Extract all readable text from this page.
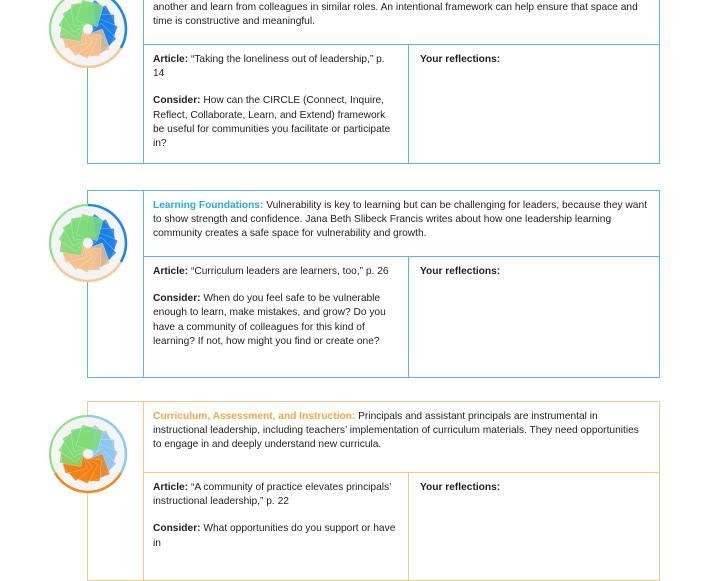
another and learn from colleagues in similar roles. An intentional framework can help ensure that space and time is constructive and meaningful.

Article: “Taking the loneliness out of leadership,” p. 14

Consider: How can the CIRCLE (Connect, Inquire, Reflect, Collaborate, Learn, and Extend) framework be useful for communities you facilitate or participate in?

Your reflections:

Learning Foundations: Vulnerability is key to learning but can be challenging for leaders, because they want to show strength and confidence. Jana Beth Slibeck Francis writes about how one leadership learning community creates a safe space for vulnerability and growth.

Article: “Curriculum leaders are learners, too,” p. 26

Consider: When do you feel safe to be vulnerable enough to learn, make mistakes, and grow? Do you have a community of colleagues for this kind of learning? If not, how might you find or create one?

Your reflections:

Curriculum, Assessment, and Instruction: Principals and assistant principals are instrumental in instructional leadership, including teachers’ implementation of curriculum materials. They need opportunities to engage in and deeply understand new curricula.

Article: “A community of practice elevates principals’ instructional leadership,” p. 22

Consider: What opportunities do you support or have in

Your reflections:
